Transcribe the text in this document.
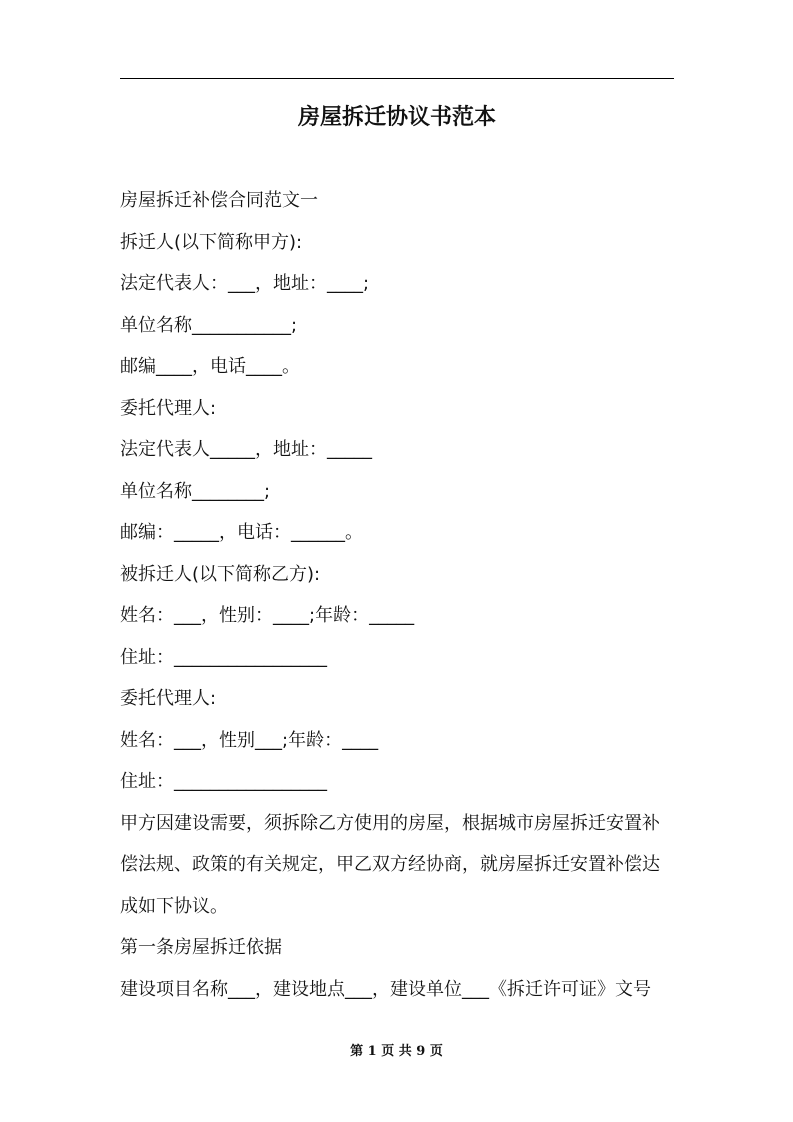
房屋拆迁协议书范本
房屋拆迁补偿合同范文一
拆迁人(以下简称甲方):
法定代表人：___，地址：____;
单位名称___________;
邮编____，电话____。
委托代理人:
法定代表人_____，地址：_____
单位名称________;
邮编：_____，电话：______。
被拆迁人(以下简称乙方):
姓名：___，性别：____;年龄：_____
住址：_________________
委托代理人:
姓名：___，性别___;年龄：____
住址：_________________
甲方因建设需要，须拆除乙方使用的房屋，根据城市房屋拆迁安置补
偿法规、政策的有关规定，甲乙双方经协商，就房屋拆迁安置补偿达
成如下协议。
第一条房屋拆迁依据
建设项目名称___，建设地点___，建设单位___《拆迁许可证》文号
第 1 页 共 9 页
